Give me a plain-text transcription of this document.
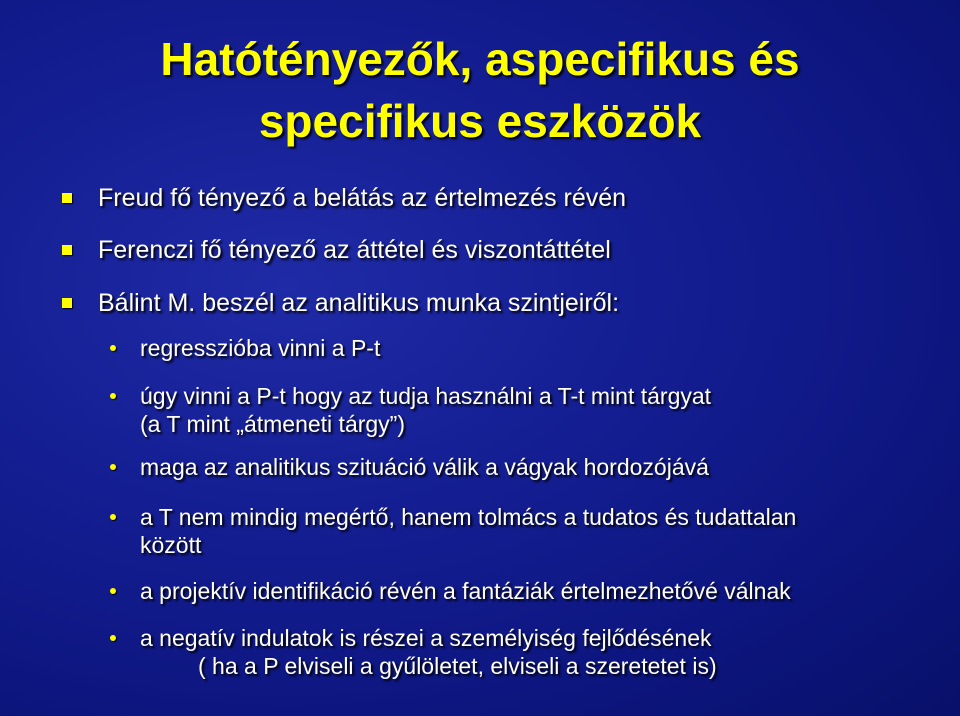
Hatótényezők, aspecifikus és
specifikus eszközök
Freud fő tényező a belátás az értelmezés révén
Ferenczi fő tényező az áttétel és viszontáttétel
Bálint M. beszél az analitikus munka szintjeiről:
regresszióba vinni a P-t
úgy vinni a P-t hogy az tudja használni a T-t mint tárgyat
(a T mint „átmeneti tárgy”)
maga az analitikus szituáció válik a vágyak hordozójává
a T nem mindig megértő, hanem tolmács a tudatos és tudattalan
között
a projektív identifikáció révén a fantáziák értelmezhetővé válnak
a negatív indulatok is részei a személyiség fejlődésének
( ha a P elviseli a gyűlöletet, elviseli a szeretetet is)
